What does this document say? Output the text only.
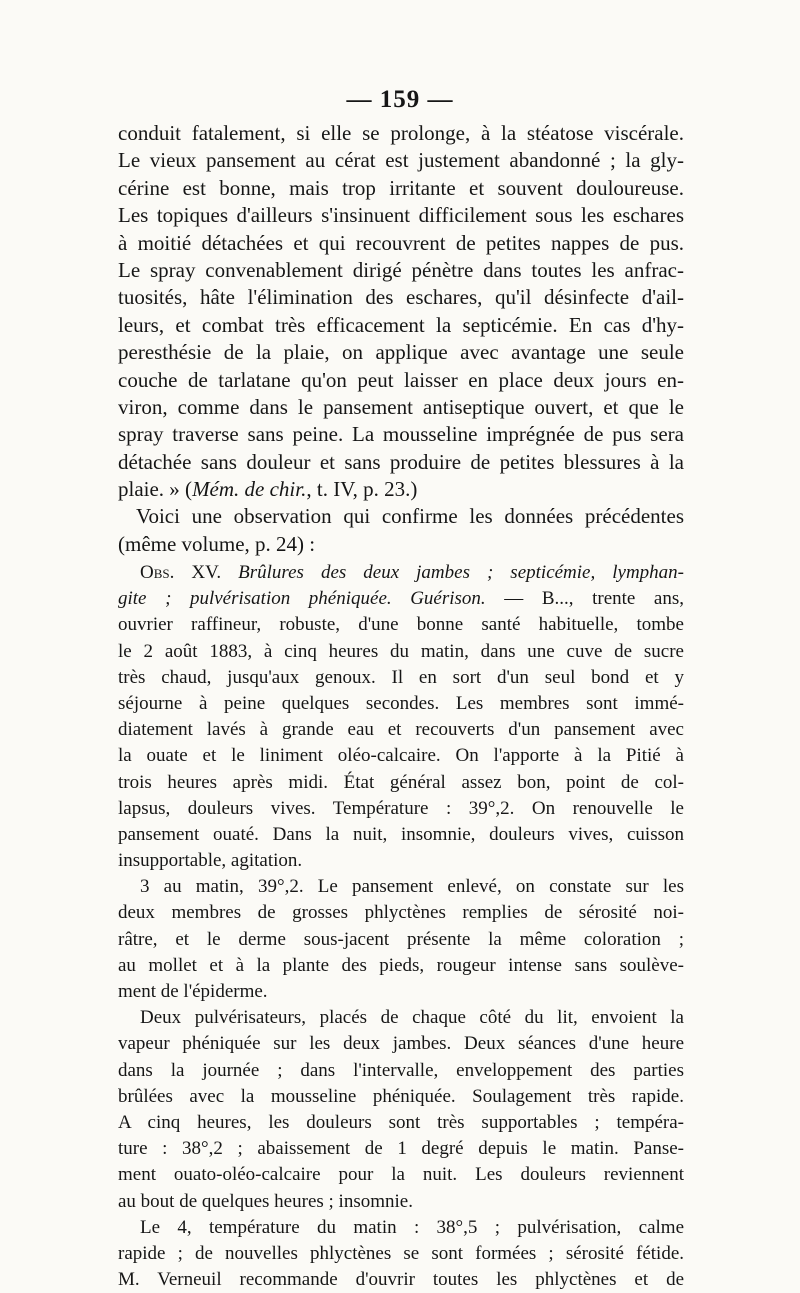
— 159 —
conduit fatalement, si elle se prolonge, à la stéatose viscérale.
Le vieux pansement au cérat est justement abandonné ; la gly-
cérine est bonne, mais trop irritante et souvent douloureuse.
Les topiques d'ailleurs s'insinuent difficilement sous les eschares
à moitié détachées et qui recouvrent de petites nappes de pus.
Le spray convenablement dirigé pénètre dans toutes les anfrac-
tuosités, hâte l'élimination des eschares, qu'il désinfecte d'ail-
leurs, et combat très efficacement la septicémie. En cas d'hy-
peresthésie de la plaie, on applique avec avantage une seule
couche de tarlatane qu'on peut laisser en place deux jours en-
viron, comme dans le pansement antiseptique ouvert, et que le
spray traverse sans peine. La mousseline imprégnée de pus sera
détachée sans douleur et sans produire de petites blessures à la
plaie. » (Mém. de chir., t. IV, p. 23.)
Voici une observation qui confirme les données précédentes
(même volume, p. 24) :
Obs. XV. Brûlures des deux jambes ; septicémie, lymphan-
gite ; pulvérisation phéniquée. Guérison. — B..., trente ans,
ouvrier raffineur, robuste, d'une bonne santé habituelle, tombe
le 2 août 1883, à cinq heures du matin, dans une cuve de sucre
très chaud, jusqu'aux genoux. Il en sort d'un seul bond et y
séjourne à peine quelques secondes. Les membres sont immé-
diatement lavés à grande eau et recouverts d'un pansement avec
la ouate et le liniment oléo-calcaire. On l'apporte à la Pitié à
trois heures après midi. État général assez bon, point de col-
lapsus, douleurs vives. Température : 39°,2. On renouvelle le
pansement ouaté. Dans la nuit, insomnie, douleurs vives, cuisson
insupportable, agitation.
3 au matin, 39°,2. Le pansement enlevé, on constate sur les
deux membres de grosses phlyctènes remplies de sérosité noi-
râtre, et le derme sous-jacent présente la même coloration ;
au mollet et à la plante des pieds, rougeur intense sans soulève-
ment de l'épiderme.
Deux pulvérisateurs, placés de chaque côté du lit, envoient la
vapeur phéniquée sur les deux jambes. Deux séances d'une heure
dans la journée ; dans l'intervalle, enveloppement des parties
brûlées avec la mousseline phéniquée. Soulagement très rapide.
A cinq heures, les douleurs sont très supportables ; tempéra-
ture : 38°,2 ; abaissement de 1 degré depuis le matin. Panse-
ment ouato-oléo-calcaire pour la nuit. Les douleurs reviennent
au bout de quelques heures ; insomnie.
Le 4, température du matin : 38°,5 ; pulvérisation, calme
rapide ; de nouvelles phlyctènes se sont formées ; sérosité fétide.
M. Verneuil recommande d'ouvrir toutes les phlyctènes et de
